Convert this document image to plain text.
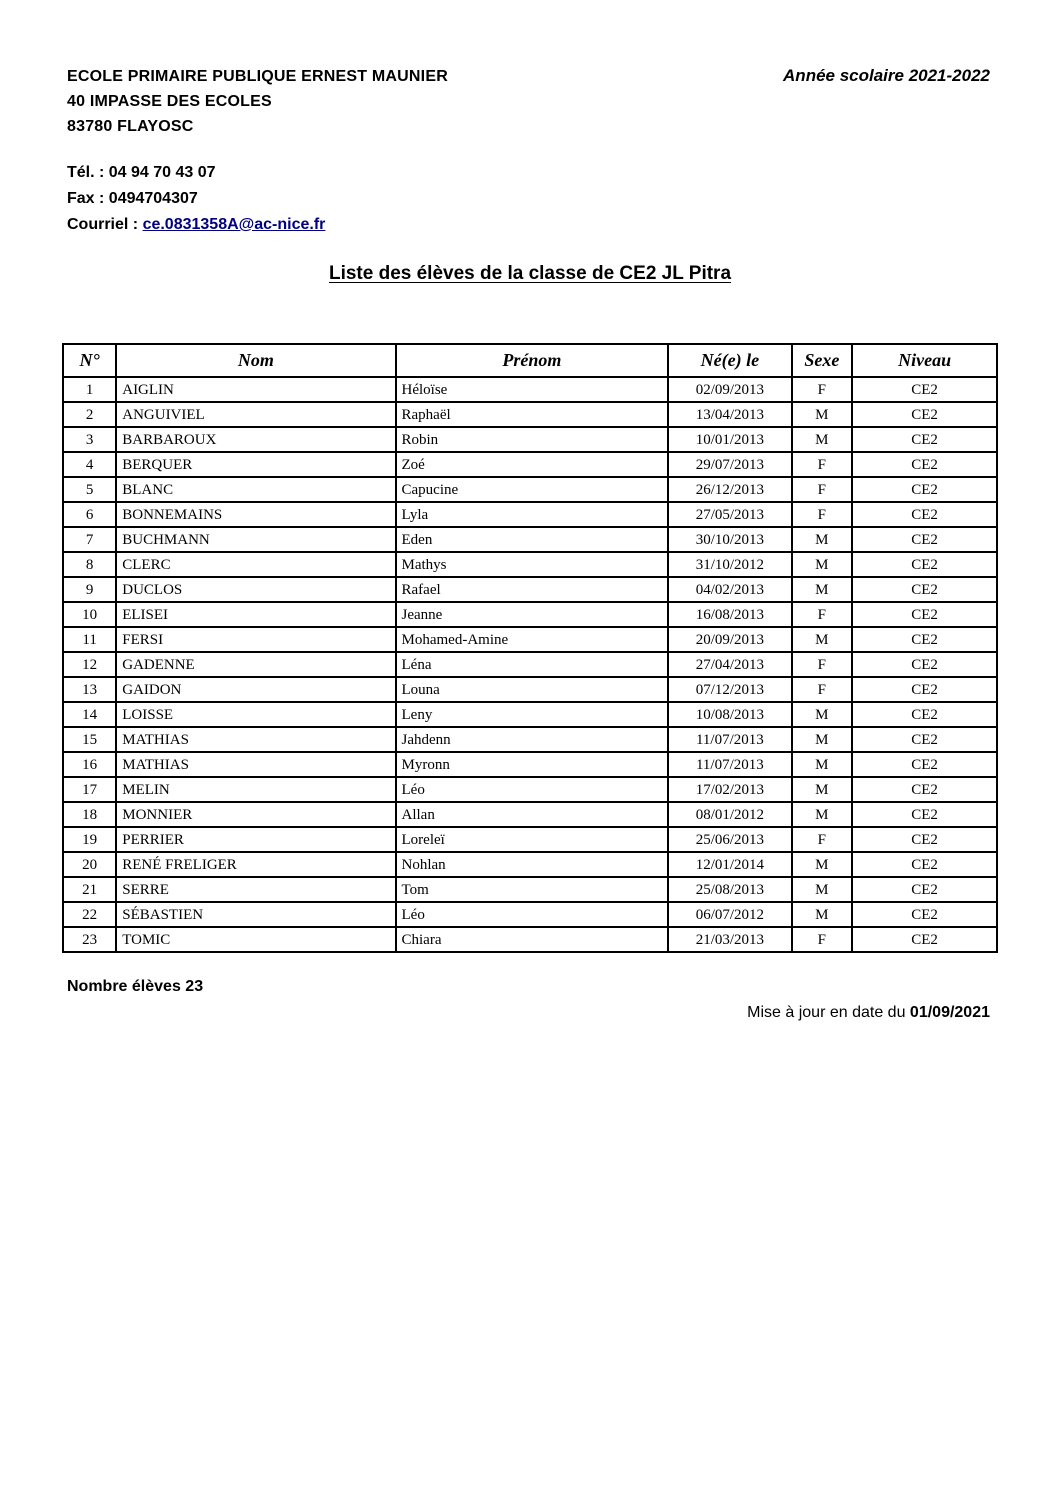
ECOLE PRIMAIRE PUBLIQUE ERNEST MAUNIER
40 IMPASSE DES ECOLES
83780 FLAYOSC
Année scolaire 2021-2022
Tél. : 04 94 70 43 07
Fax : 0494704307
Courriel : ce.0831358A@ac-nice.fr
Liste des élèves de la classe de CE2 JL Pitra
N°	Nom	Prénom	Né(e) le	Sexe	Niveau
1	AIGLIN	Héloïse	02/09/2013	F	CE2
2	ANGUIVIEL	Raphaël	13/04/2013	M	CE2
3	BARBAROUX	Robin	10/01/2013	M	CE2
4	BERQUER	Zoé	29/07/2013	F	CE2
5	BLANC	Capucine	26/12/2013	F	CE2
6	BONNEMAINS	Lyla	27/05/2013	F	CE2
7	BUCHMANN	Eden	30/10/2013	M	CE2
8	CLERC	Mathys	31/10/2012	M	CE2
9	DUCLOS	Rafael	04/02/2013	M	CE2
10	ELISEI	Jeanne	16/08/2013	F	CE2
11	FERSI	Mohamed-Amine	20/09/2013	M	CE2
12	GADENNE	Léna	27/04/2013	F	CE2
13	GAIDON	Louna	07/12/2013	F	CE2
14	LOISSE	Leny	10/08/2013	M	CE2
15	MATHIAS	Jahdenn	11/07/2013	M	CE2
16	MATHIAS	Myronn	11/07/2013	M	CE2
17	MELIN	Léo	17/02/2013	M	CE2
18	MONNIER	Allan	08/01/2012	M	CE2
19	PERRIER	Loreleï	25/06/2013	F	CE2
20	RENÉ FRELIGER	Nohlan	12/01/2014	M	CE2
21	SERRE	Tom	25/08/2013	M	CE2
22	SÉBASTIEN	Léo	06/07/2012	M	CE2
23	TOMIC	Chiara	21/03/2013	F	CE2
Nombre élèves 23
Mise à jour en date du 01/09/2021
